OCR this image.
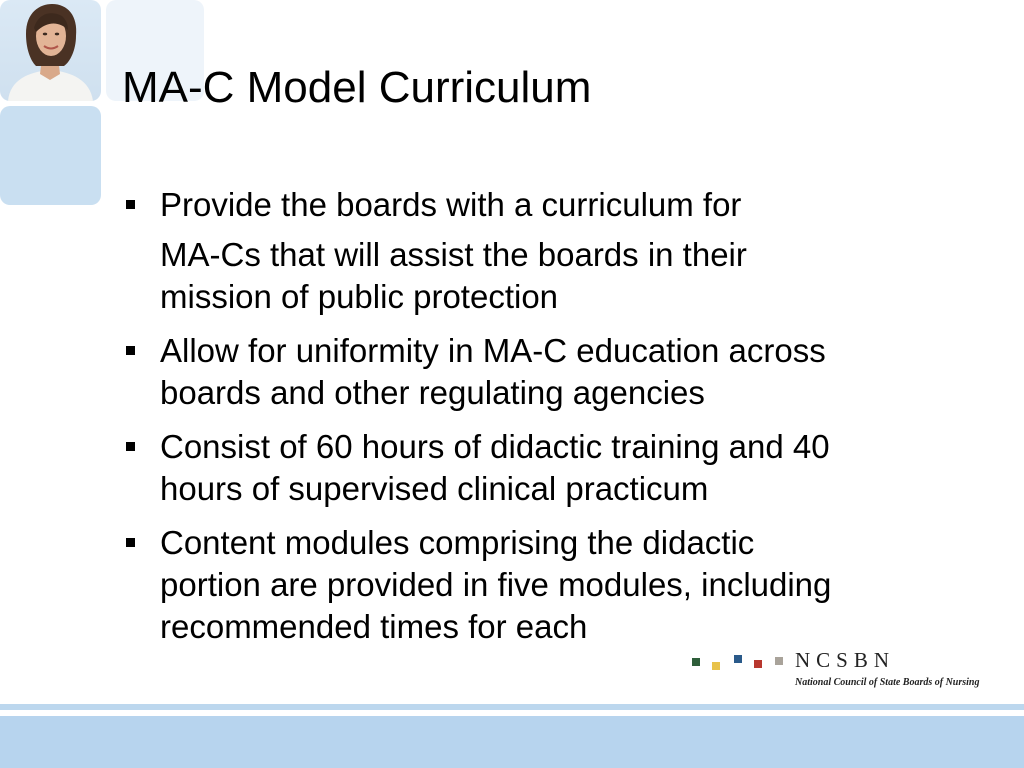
MA-C Model Curriculum
Provide the boards with a curriculum for
MA-Cs that will assist the boards in their
mission of public protection
Allow for uniformity in MA-C education across
boards and other regulating agencies
Consist of 60 hours of didactic training and 40
hours of supervised clinical practicum
Content modules comprising the didactic
portion are provided in five modules, including
recommended times for each
NCSBN
National Council of State Boards of Nursing
